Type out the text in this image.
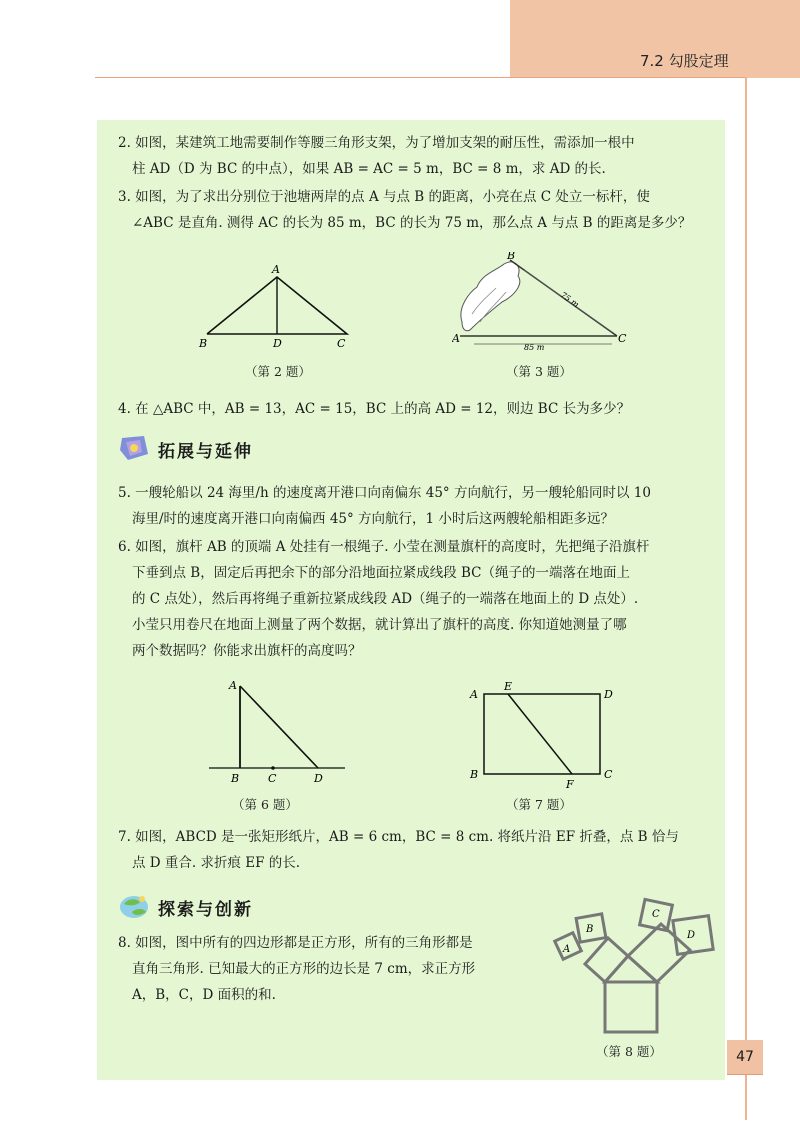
7.2 勾股定理
2. 如图，某建筑工地需要制作等腰三角形支架，为了增加支架的耐压性，需添加一根中
柱 AD（D 为 BC 的中点），如果 AB = AC = 5 m，BC = 8 m，求 AD 的长.
3. 如图，为了求出分别位于池塘两岸的点 A 与点 B 的距离，小亮在点 C 处立一标杆，使
∠ABC 是直角. 测得 AC 的长为 85 m，BC 的长为 75 m，那么点 A 与点 B 的距离是多少？
A
B	D	C
（第 2 题）
B
A	C
85 m
75 m
（第 3 题）
4. 在 △ABC 中，AB = 13，AC = 15，BC 上的高 AD = 12，则边 BC 长为多少？
拓展与延伸
5. 一艘轮船以 24 海里/h 的速度离开港口向南偏东 45° 方向航行，另一艘轮船同时以 10
海里/时的速度离开港口向南偏西 45° 方向航行，1 小时后这两艘轮船相距多远？
6. 如图，旗杆 AB 的顶端 A 处挂有一根绳子. 小莹在测量旗杆的高度时，先把绳子沿旗杆
下垂到点 B，固定后再把余下的部分沿地面拉紧成线段 BC（绳子的一端落在地面上
的 C 点处），然后再将绳子重新拉紧成线段 AD（绳子的一端落在地面上的 D 点处）.
小莹只用卷尺在地面上测量了两个数据，就计算出了旗杆的高度. 你知道她测量了哪
两个数据吗？你能求出旗杆的高度吗？
A
B	C	D
（第 6 题）
A
E
D
B	C
F
（第 7 题）
7. 如图，ABCD 是一张矩形纸片，AB = 6 cm，BC = 8 cm. 将纸片沿 EF 折叠，点 B 恰与
点 D 重合. 求折痕 EF 的长.
探索与创新
8. 如图，图中所有的四边形都是正方形，所有的三角形都是
直角三角形. 已知最大的正方形的边长是 7 cm，求正方形
A，B，C，D 面积的和.
A
B
C
D
（第 8 题）	47
